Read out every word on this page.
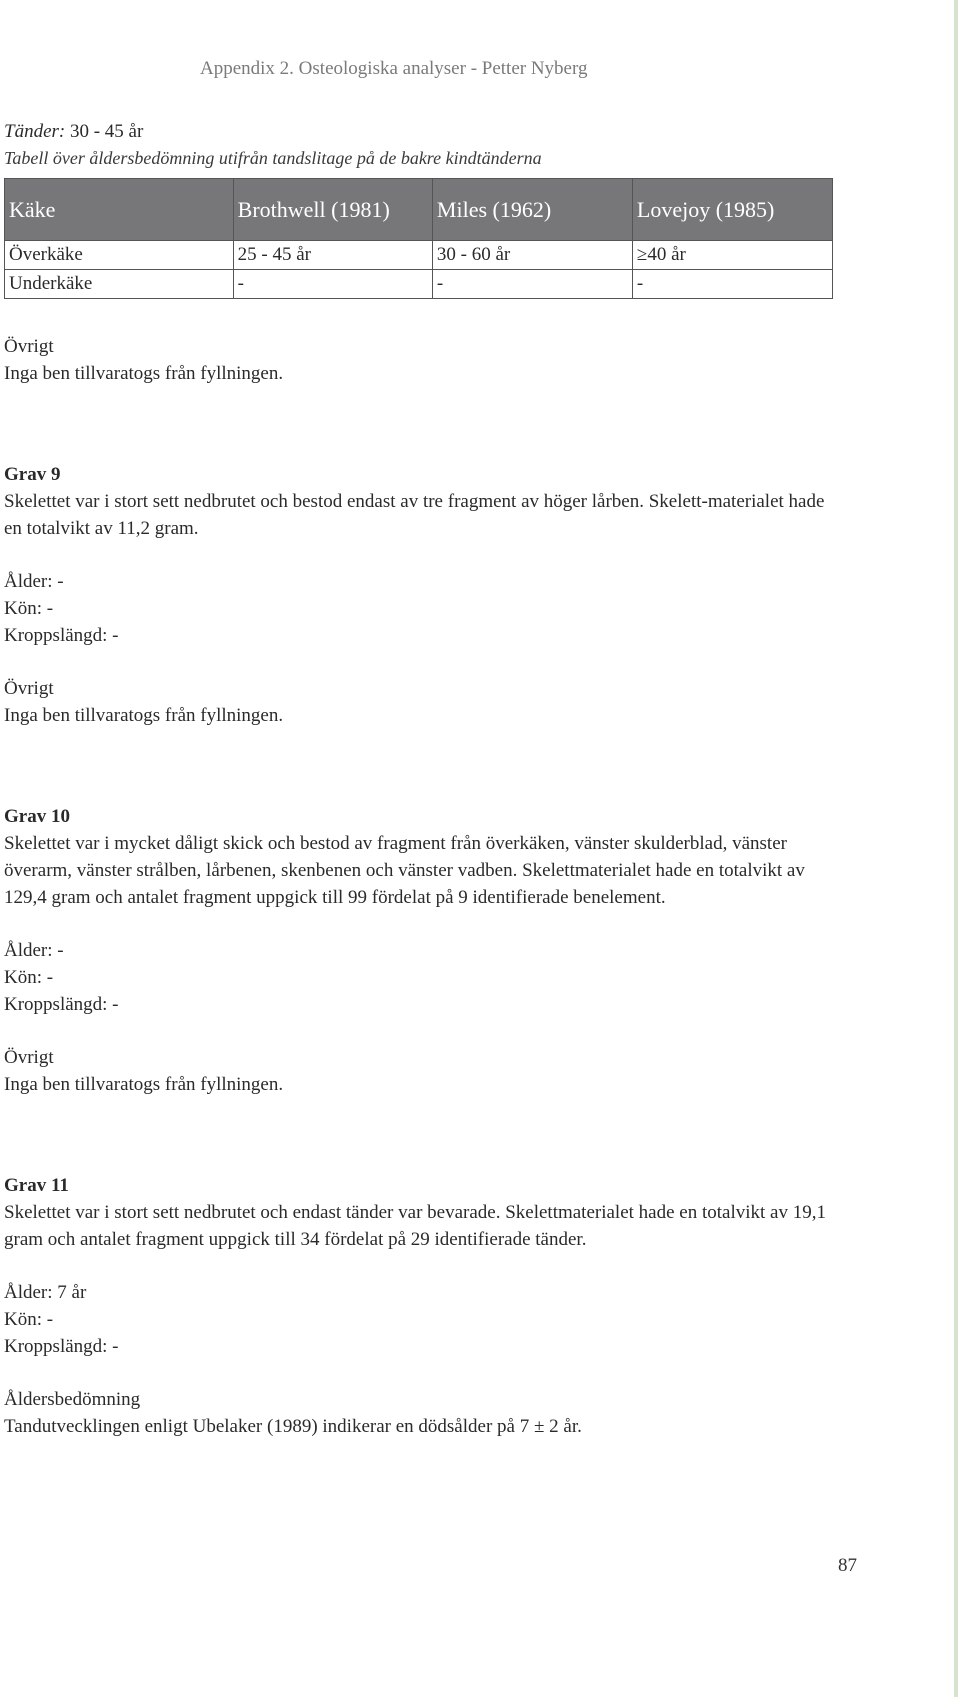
Appendix 2. Osteologiska analyser - Petter Nyberg

Tänder: 30 - 45 år

Tabell över åldersbedömning utifrån tandslitage på de bakre kindtänderna

Käke	Brothwell (1981)	Miles (1962)	Lovejoy (1985)
Överkäke	25 - 45 år	30 - 60 år	≥40 år
Underkäke	-	-	-

Övrigt

Inga ben tillvaratogs från fyllningen.

Grav 9

Skelettet var i stort sett nedbrutet och bestod endast av tre fragment av höger lårben. Skelett-materialet hade en totalvikt av 11,2 gram.

Ålder: -

Kön: -

Kroppslängd: -

Övrigt

Inga ben tillvaratogs från fyllningen.

Grav 10

Skelettet var i mycket dåligt skick och bestod av fragment från överkäken, vänster skulderblad, vänster överarm, vänster strålben, lårbenen, skenbenen och vänster vadben. Skelettmaterialet hade en totalvikt av 129,4 gram och antalet fragment uppgick till 99 fördelat på 9 identifierade benelement.

Ålder: -

Kön: -

Kroppslängd: -

Övrigt

Inga ben tillvaratogs från fyllningen.

Grav 11

Skelettet var i stort sett nedbrutet och endast tänder var bevarade. Skelettmaterialet hade en totalvikt av 19,1 gram och antalet fragment uppgick till 34 fördelat på 29 identifierade tänder.

Ålder: 7 år

Kön: -

Kroppslängd: -

Åldersbedömning

Tandutvecklingen enligt Ubelaker (1989) indikerar en dödsålder på 7 ± 2 år.

87
